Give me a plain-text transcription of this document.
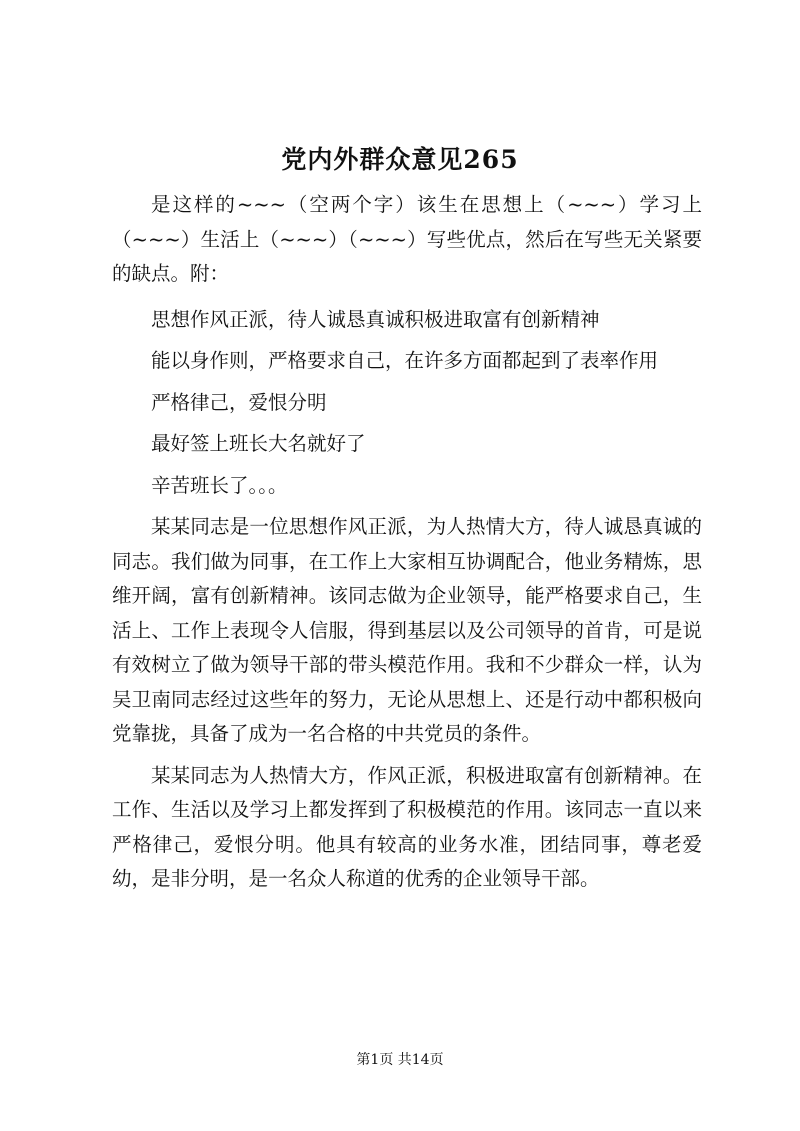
党内外群众意见265

是这样的~~~（空两个字）该生在思想上（~~~）学习上（~~~）生活上（~~~）（~~~）写些优点，然后在写些无关紧要的缺点。附：

思想作风正派，待人诚恳真诚积极进取富有创新精神
能以身作则，严格要求自己，在许多方面都起到了表率作用
严格律己，爱恨分明
最好签上班长大名就好了
辛苦班长了。。。

某某同志是一位思想作风正派，为人热情大方，待人诚恳真诚的同志。我们做为同事，在工作上大家相互协调配合，他业务精炼，思维开阔，富有创新精神。该同志做为企业领导，能严格要求自己，生活上、工作上表现令人信服，得到基层以及公司领导的首肯，可是说有效树立了做为领导干部的带头模范作用。我和不少群众一样，认为吴卫南同志经过这些年的努力，无论从思想上、还是行动中都积极向党靠拢，具备了成为一名合格的中共党员的条件。

某某同志为人热情大方，作风正派，积极进取富有创新精神。在工作、生活以及学习上都发挥到了积极模范的作用。该同志一直以来严格律己，爱恨分明。他具有较高的业务水准，团结同事，尊老爱幼，是非分明，是一名众人称道的优秀的企业领导干部。

第1页 共14页
